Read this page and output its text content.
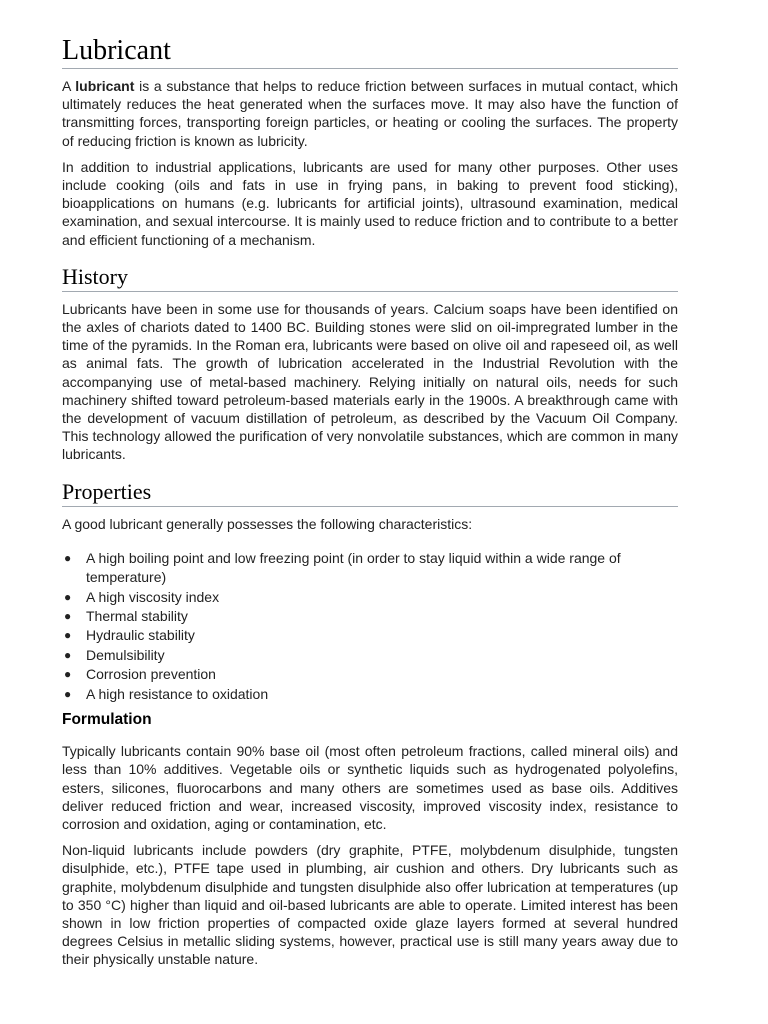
Lubricant

A lubricant is a substance that helps to reduce friction between surfaces in mutual contact, which ultimately reduces the heat generated when the surfaces move. It may also have the function of transmitting forces, transporting foreign particles, or heating or cooling the surfaces. The property of reducing friction is known as lubricity.

In addition to industrial applications, lubricants are used for many other purposes. Other uses include cooking (oils and fats in use in frying pans, in baking to prevent food sticking), bioapplications on humans (e.g. lubricants for artificial joints), ultrasound examination, medical examination, and sexual intercourse. It is mainly used to reduce friction and to contribute to a better and efficient functioning of a mechanism.

History

Lubricants have been in some use for thousands of years. Calcium soaps have been identified on the axles of chariots dated to 1400 BC. Building stones were slid on oil-impregrated lumber in the time of the pyramids. In the Roman era, lubricants were based on olive oil and rapeseed oil, as well as animal fats. The growth of lubrication accelerated in the Industrial Revolution with the accompanying use of metal-based machinery. Relying initially on natural oils, needs for such machinery shifted toward petroleum-based materials early in the 1900s. A breakthrough came with the development of vacuum distillation of petroleum, as described by the Vacuum Oil Company. This technology allowed the purification of very nonvolatile substances, which are common in many lubricants.

Properties

A good lubricant generally possesses the following characteristics:

● A high boiling point and low freezing point (in order to stay liquid within a wide range of temperature)
● A high viscosity index
● Thermal stability
● Hydraulic stability
● Demulsibility
● Corrosion prevention
● A high resistance to oxidation
Formulation

Typically lubricants contain 90% base oil (most often petroleum fractions, called mineral oils) and less than 10% additives. Vegetable oils or synthetic liquids such as hydrogenated polyolefins, esters, silicones, fluorocarbons and many others are sometimes used as base oils. Additives deliver reduced friction and wear, increased viscosity, improved viscosity index, resistance to corrosion and oxidation, aging or contamination, etc.

Non-liquid lubricants include powders (dry graphite, PTFE, molybdenum disulphide, tungsten disulphide, etc.), PTFE tape used in plumbing, air cushion and others. Dry lubricants such as graphite, molybdenum disulphide and tungsten disulphide also offer lubrication at temperatures (up to 350 °C) higher than liquid and oil-based lubricants are able to operate. Limited interest has been shown in low friction properties of compacted oxide glaze layers formed at several hundred degrees Celsius in metallic sliding systems, however, practical use is still many years away due to their physically unstable nature.
